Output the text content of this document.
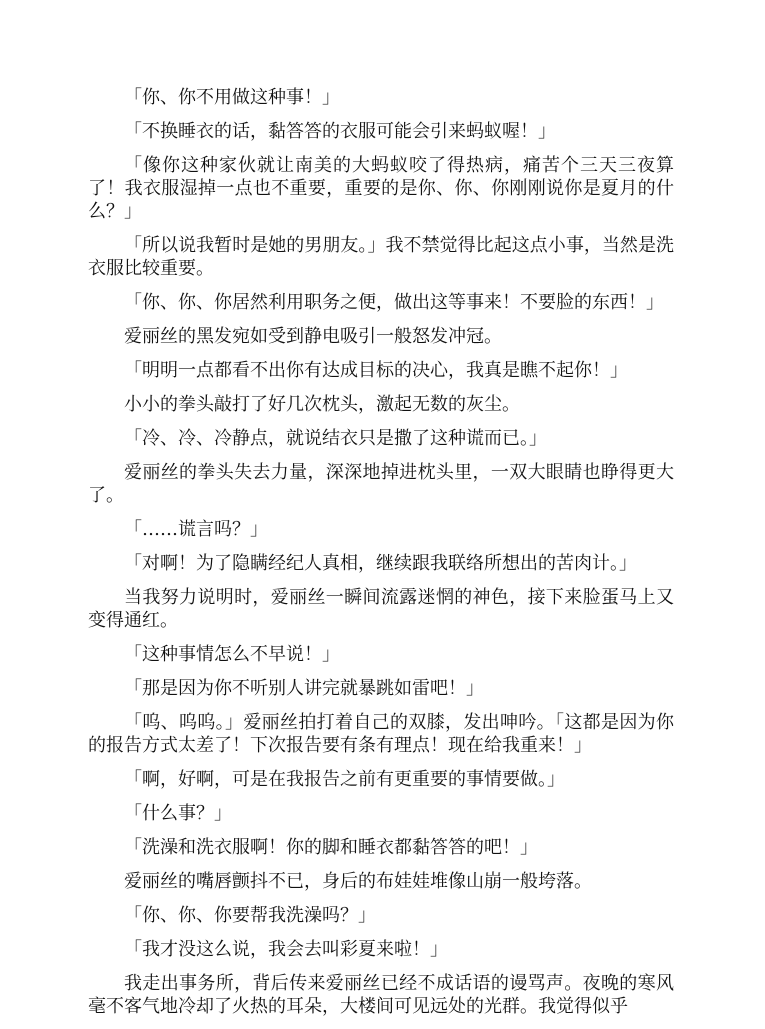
「你、你不用做这种事！」

「不换睡衣的话，黏答答的衣服可能会引来蚂蚁喔！」

「像你这种家伙就让南美的大蚂蚁咬了得热病，痛苦个三天三夜算了！我衣服湿掉一点也不重要，重要的是你、你、你刚刚说你是夏月的什么？」

「所以说我暂时是她的男朋友。」我不禁觉得比起这点小事，当然是洗衣服比较重要。

「你、你、你居然利用职务之便，做出这等事来！不要脸的东西！」

爱丽丝的黑发宛如受到静电吸引一般怒发冲冠。

「明明一点都看不出你有达成目标的决心，我真是瞧不起你！」

小小的拳头敲打了好几次枕头，激起无数的灰尘。

「冷、冷、冷静点，就说结衣只是撒了这种谎而已。」

爱丽丝的拳头失去力量，深深地掉进枕头里，一双大眼睛也睁得更大了。

「……谎言吗？」

「对啊！为了隐瞒经纪人真相，继续跟我联络所想出的苦肉计。」

当我努力说明时，爱丽丝一瞬间流露迷惘的神色，接下来脸蛋马上又变得通红。

「这种事情怎么不早说！」

「那是因为你不听别人讲完就暴跳如雷吧！」

「呜、呜呜。」爱丽丝拍打着自己的双膝，发出呻吟。「这都是因为你的报告方式太差了！下次报告要有条有理点！现在给我重来！」

「啊，好啊，可是在我报告之前有更重要的事情要做。」

「什么事？」

「洗澡和洗衣服啊！你的脚和睡衣都黏答答的吧！」

爱丽丝的嘴唇颤抖不已，身后的布娃娃堆像山崩一般垮落。

「你、你、你要帮我洗澡吗？」

「我才没这么说，我会去叫彩夏来啦！」

我走出事务所，背后传来爱丽丝已经不成话语的谩骂声。夜晚的寒风毫不客气地冷却了火热的耳朵，大楼间可见远处的光群。我觉得似乎
